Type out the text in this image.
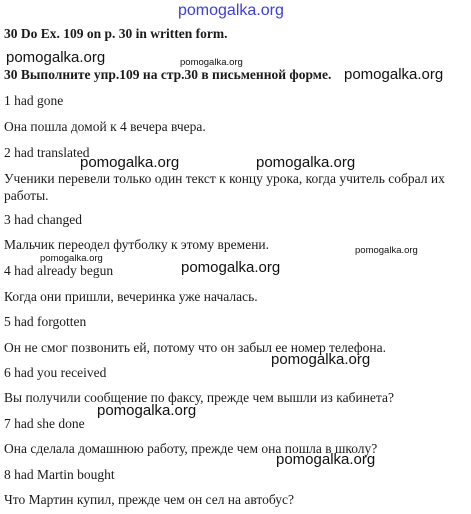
pomogalka.org
30 Do Ex. 109 on p. 30 in written form.
30 Выполните упр.109 на стр.30 в письменной форме.
1 had gone
Она пошла домой к 4 вечера вчера.
2 had translated
Ученики перевели только один текст к концу урока, когда учитель собрал их работы.
3 had changed
Мальчик переодел футболку к этому времени.
4 had already begun
Когда они пришли, вечеринка уже началась.
5 had forgotten
Он не смог позвонить ей, потому что он забыл ее номер телефона.
6 had you received
Вы получили сообщение по факсу, прежде чем вышли из кабинета?
7 had she done
Она сделала домашнюю работу, прежде чем она пошла в школу?
8 had Martin bought
Что Мартин купил, прежде чем он сел на автобус?
pomogalka.org	pomogalka.org
pomogalka.org
pomogalka.org	pomogalka.org
pomogalka.org
pomogalka.org
pomogalka.org
pomogalka.org
pomogalka.org
pomogalka.org
